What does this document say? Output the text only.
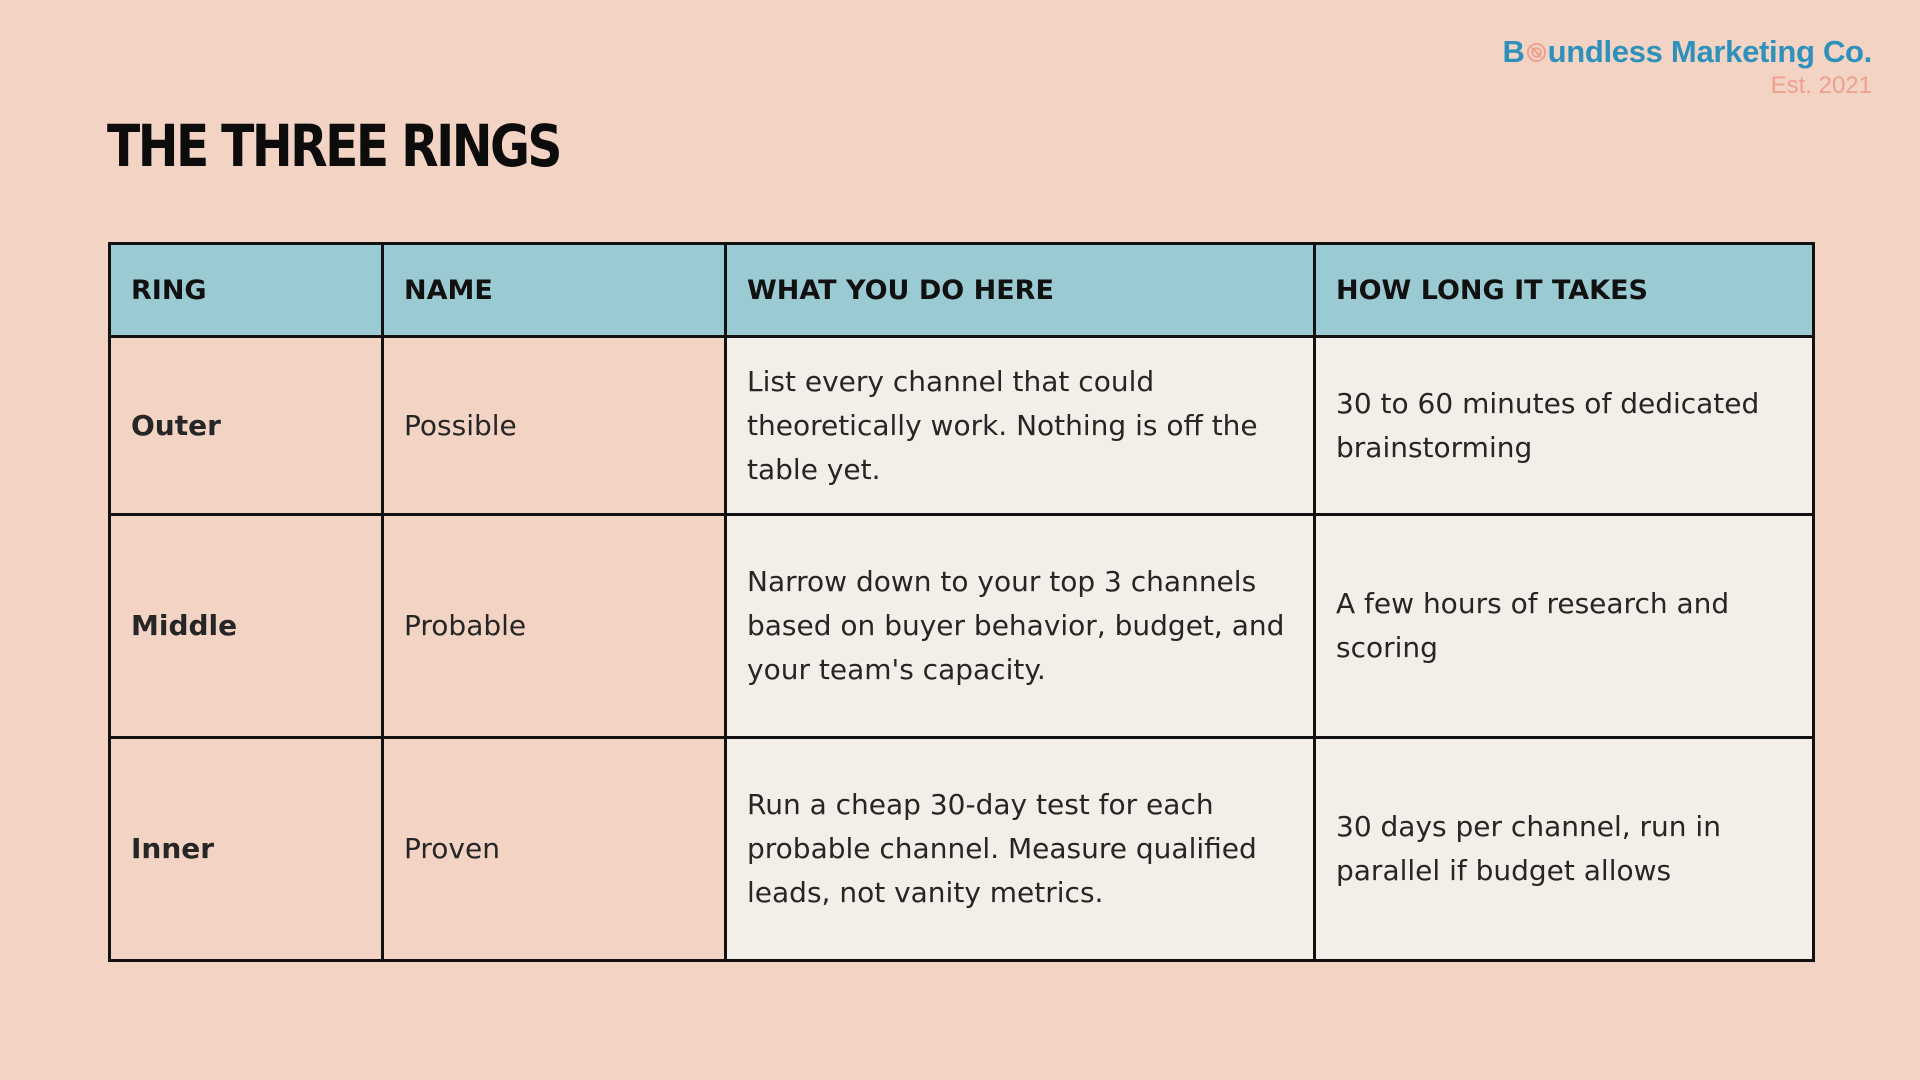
B undless Marketing Co.
Est. 2021
THE THREE RINGS
RING	NAME	WHAT YOU DO HERE	HOW LONG IT TAKES
Outer	Possible	List every channel that could theoretically work. Nothing is off the table yet.	30 to 60 minutes of dedicated brainstorming
Middle	Probable	Narrow down to your top 3 channels based on buyer behavior, budget, and your team's capacity.	A few hours of research and scoring
Inner	Proven	Run a cheap 30-day test for each probable channel. Measure qualified leads, not vanity metrics.	30 days per channel, run in parallel if budget allows
